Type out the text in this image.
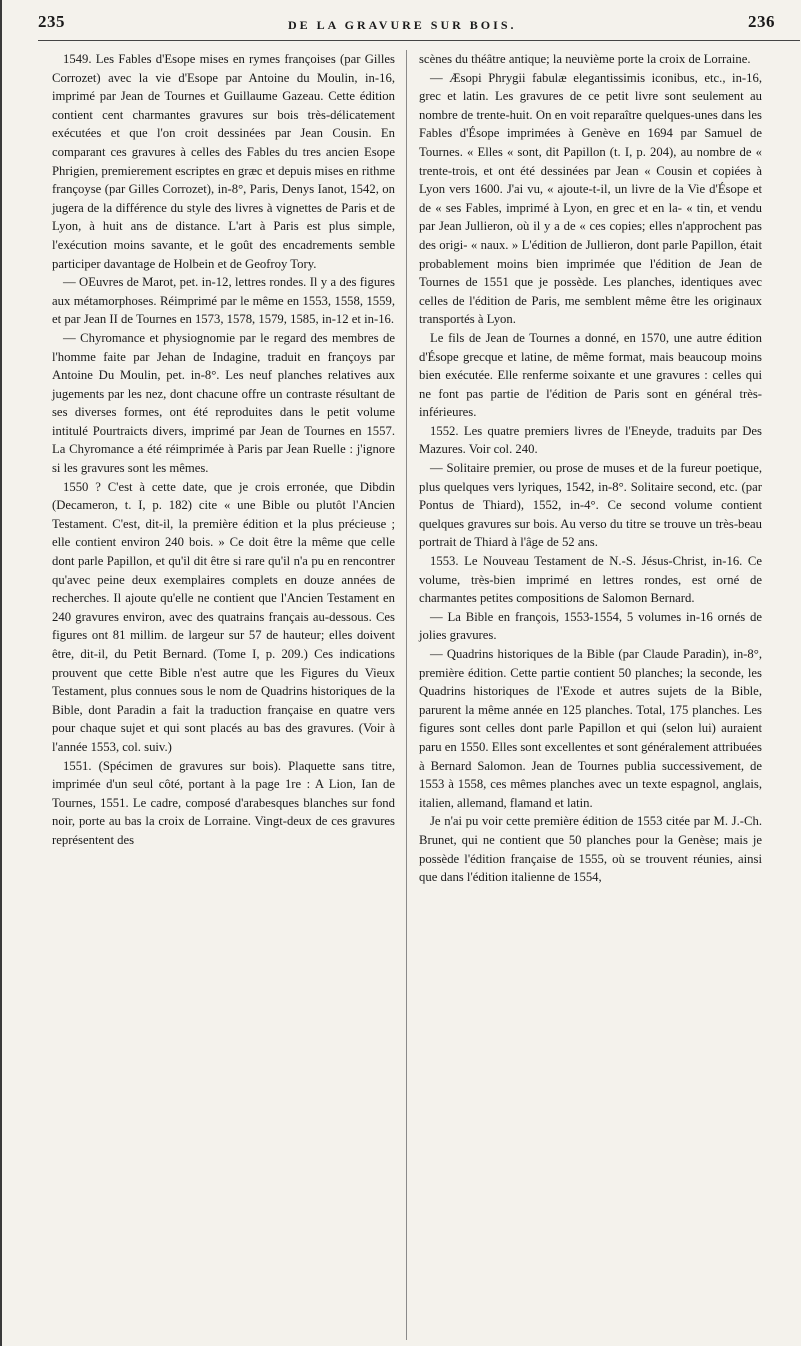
235	DE LA GRAVURE SUR BOIS.	236

1549. Les Fables d'Esope mises en rymes françoises (par Gilles Corrozet) avec la vie d'Esope par Antoine du Moulin, in-16, imprimé par Jean de Tournes et Guillaume Gazeau. Cette édition contient cent charmantes gravures sur bois très-délicatement exécutées et que l'on croit dessinées par Jean Cousin. En comparant ces gravures à celles des Fables du tres ancien Esope Phrigien, premierement escriptes en græc et depuis mises en rithme françoyse (par Gilles Corrozet), in-8°, Paris, Denys Ianot, 1542, on jugera de la différence du style des livres à vignettes de Paris et de Lyon, à huit ans de distance. L'art à Paris est plus simple, l'exécution moins savante, et le goût des encadrements semble participer davantage de Holbein et de Geofroy Tory.

— OEuvres de Marot, pet. in-12, lettres rondes. Il y a des figures aux métamorphoses. Réimprimé par le même en 1553, 1558, 1559, et par Jean II de Tournes en 1573, 1578, 1579, 1585, in-12 et in-16.

— Chyromance et physiognomie par le regard des membres de l'homme faite par Jehan de Indagine, traduit en françoys par Antoine Du Moulin, pet. in-8°. Les neuf planches relatives aux jugements par les nez, dont chacune offre un contraste résultant de ses diverses formes, ont été reproduites dans le petit volume intitulé Pourtraicts divers, imprimé par Jean de Tournes en 1557. La Chyromance a été réimprimée à Paris par Jean Ruelle : j'ignore si les gravures sont les mêmes.

1550 ? C'est à cette date, que je crois erronée, que Dibdin (Decameron, t. I, p. 182) cite « une Bible ou plutôt l'Ancien Testament. C'est, dit-il, la première édition et la plus précieuse ; elle contient environ 240 bois. » Ce doit être la même que celle dont parle Papillon, et qu'il dit être si rare qu'il n'a pu en rencontrer qu'avec peine deux exemplaires complets en douze années de recherches. Il ajoute qu'elle ne contient que l'Ancien Testament en 240 gravures environ, avec des quatrains français au-dessous. Ces figures ont 81 millim. de largeur sur 57 de hauteur; elles doivent être, dit-il, du Petit Bernard. (Tome I, p. 209.) Ces indications prouvent que cette Bible n'est autre que les Figures du Vieux Testament, plus connues sous le nom de Quadrins historiques de la Bible, dont Paradin a fait la traduction française en quatre vers pour chaque sujet et qui sont placés au bas des gravures. (Voir à l'année 1553, col. suiv.)

1551. (Spécimen de gravures sur bois). Plaquette sans titre, imprimée d'un seul côté, portant à la page 1re : A Lion, Ian de Tournes, 1551. Le cadre, composé d'arabesques blanches sur fond noir, porte au bas la croix de Lorraine. Vingt-deux de ces gravures représentent des

scènes du théâtre antique; la neuvième porte la croix de Lorraine.

— Æsopi Phrygii fabulæ elegantissimis iconibus, etc., in-16, grec et latin. Les gravures de ce petit livre sont seulement au nombre de trente-huit. On en voit reparaître quelques-unes dans les Fables d'Ésope imprimées à Genève en 1694 par Samuel de Tournes. « Elles « sont, dit Papillon (t. I, p. 204), au nombre de « trente-trois, et ont été dessinées par Jean « Cousin et copiées à Lyon vers 1600. J'ai vu, « ajoute-t-il, un livre de la Vie d'Ésope et de « ses Fables, imprimé à Lyon, en grec et en la- « tin, et vendu par Jean Jullieron, où il y a de « ces copies; elles n'approchent pas des origi- « naux. » L'édition de Jullieron, dont parle Papillon, était probablement moins bien imprimée que l'édition de Jean de Tournes de 1551 que je possède. Les planches, identiques avec celles de l'édition de Paris, me semblent même être les originaux transportés à Lyon.

Le fils de Jean de Tournes a donné, en 1570, une autre édition d'Ésope grecque et latine, de même format, mais beaucoup moins bien exécutée. Elle renferme soixante et une gravures : celles qui ne font pas partie de l'édition de Paris sont en général très-inférieures.

1552. Les quatre premiers livres de l'Eneyde, traduits par Des Mazures. Voir col. 240.

— Solitaire premier, ou prose de muses et de la fureur poetique, plus quelques vers lyriques, 1542, in-8°. Solitaire second, etc. (par Pontus de Thiard), 1552, in-4°. Ce second volume contient quelques gravures sur bois. Au verso du titre se trouve un très-beau portrait de Thiard à l'âge de 52 ans.

1553. Le Nouveau Testament de N.-S. Jésus-Christ, in-16. Ce volume, très-bien imprimé en lettres rondes, est orné de charmantes petites compositions de Salomon Bernard.

— La Bible en françois, 1553-1554, 5 volumes in-16 ornés de jolies gravures.

— Quadrins historiques de la Bible (par Claude Paradin), in-8°, première édition. Cette partie contient 50 planches; la seconde, les Quadrins historiques de l'Exode et autres sujets de la Bible, parurent la même année en 125 planches. Total, 175 planches. Les figures sont celles dont parle Papillon et qui (selon lui) auraient paru en 1550. Elles sont excellentes et sont généralement attribuées à Bernard Salomon. Jean de Tournes publia successivement, de 1553 à 1558, ces mêmes planches avec un texte espagnol, anglais, italien, allemand, flamand et latin.

Je n'ai pu voir cette première édition de 1553 citée par M. J.-Ch. Brunet, qui ne contient que 50 planches pour la Genèse; mais je possède l'édition française de 1555, où se trouvent réunies, ainsi que dans l'édition italienne de 1554,
